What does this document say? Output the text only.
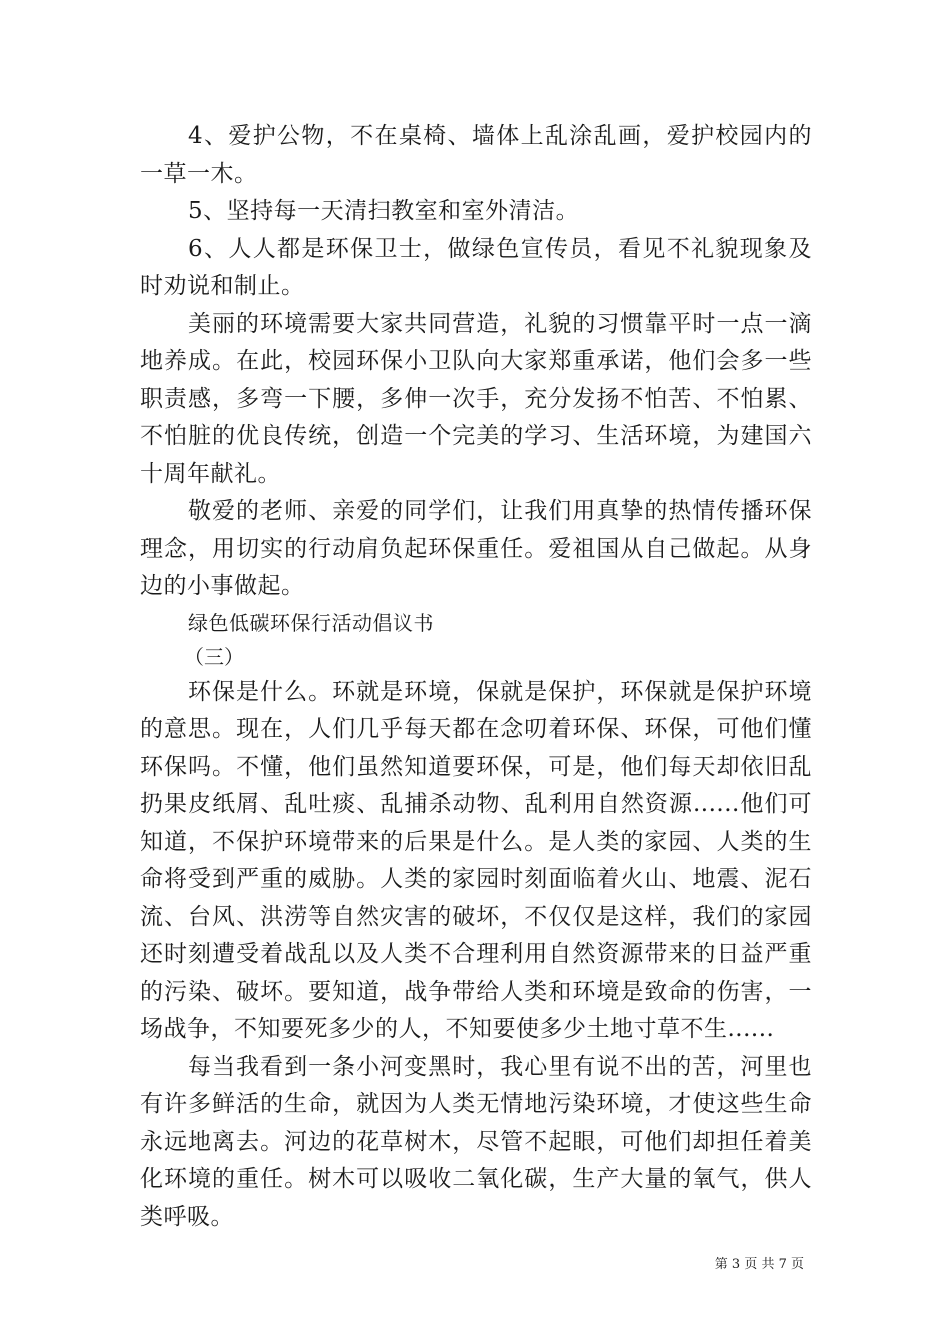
4、爱护公物，不在桌椅、墙体上乱涂乱画，爱护校园内的一草一木。

5、坚持每一天清扫教室和室外清洁。

6、人人都是环保卫士，做绿色宣传员，看见不礼貌现象及时劝说和制止。

美丽的环境需要大家共同营造，礼貌的习惯靠平时一点一滴地养成。在此，校园环保小卫队向大家郑重承诺，他们会多一些职责感，多弯一下腰，多伸一次手，充分发扬不怕苦、不怕累、不怕脏的优良传统，创造一个完美的学习、生活环境，为建国六十周年献礼。

敬爱的老师、亲爱的同学们，让我们用真挚的热情传播环保理念，用切实的行动肩负起环保重任。爱祖国从自己做起。从身边的小事做起。

绿色低碳环保行活动倡议书

（三）

环保是什么。环就是环境，保就是保护，环保就是保护环境的意思。现在，人们几乎每天都在念叨着环保、环保，可他们懂环保吗。不懂，他们虽然知道要环保，可是，他们每天却依旧乱扔果皮纸屑、乱吐痰、乱捕杀动物、乱利用自然资源......他们可知道，不保护环境带来的后果是什么。是人类的家园、人类的生命将受到严重的威胁。人类的家园时刻面临着火山、地震、泥石流、台风、洪涝等自然灾害的破坏，不仅仅是这样，我们的家园还时刻遭受着战乱以及人类不合理利用自然资源带来的日益严重的污染、破坏。要知道，战争带给人类和环境是致命的伤害，一场战争，不知要死多少的人，不知要使多少土地寸草不生......

每当我看到一条小河变黑时，我心里有说不出的苦，河里也有许多鲜活的生命，就因为人类无情地污染环境，才使这些生命永远地离去。河边的花草树木，尽管不起眼，可他们却担任着美化环境的重任。树木可以吸收二氧化碳，生产大量的氧气，供人类呼吸。

第 3 页 共 7 页
